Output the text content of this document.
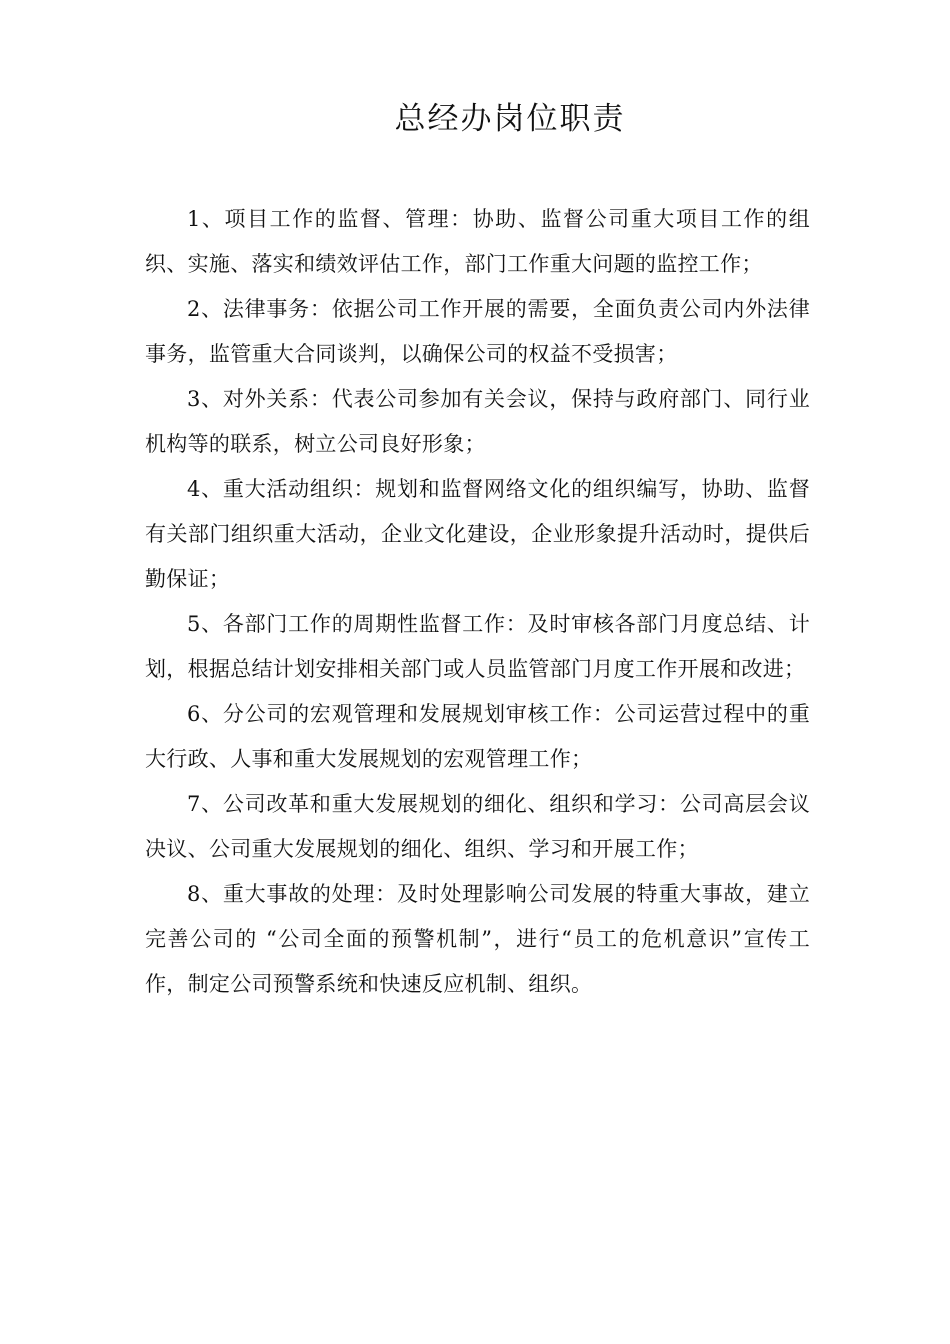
总经办岗位职责

1、项目工作的监督、管理：协助、监督公司重大项目工作的组织、实施、落实和绩效评估工作，部门工作重大问题的监控工作；

2、法律事务：依据公司工作开展的需要，全面负责公司内外法律事务，监管重大合同谈判，以确保公司的权益不受损害；

3、对外关系：代表公司参加有关会议，保持与政府部门、同行业机构等的联系，树立公司良好形象；

4、重大活动组织：规划和监督网络文化的组织编写，协助、监督有关部门组织重大活动，企业文化建设，企业形象提升活动时，提供后勤保证；

5、各部门工作的周期性监督工作：及时审核各部门月度总结、计划，根据总结计划安排相关部门或人员监管部门月度工作开展和改进；

6、分公司的宏观管理和发展规划审核工作：公司运营过程中的重大行政、人事和重大发展规划的宏观管理工作；

7、公司改革和重大发展规划的细化、组织和学习：公司高层会议决议、公司重大发展规划的细化、组织、学习和开展工作；

8、重大事故的处理：及时处理影响公司发展的特重大事故，建立完善公司的 “公司全面的预警机制”，进行“员工的危机意识”宣传工作，制定公司预警系统和快速反应机制、组织。
